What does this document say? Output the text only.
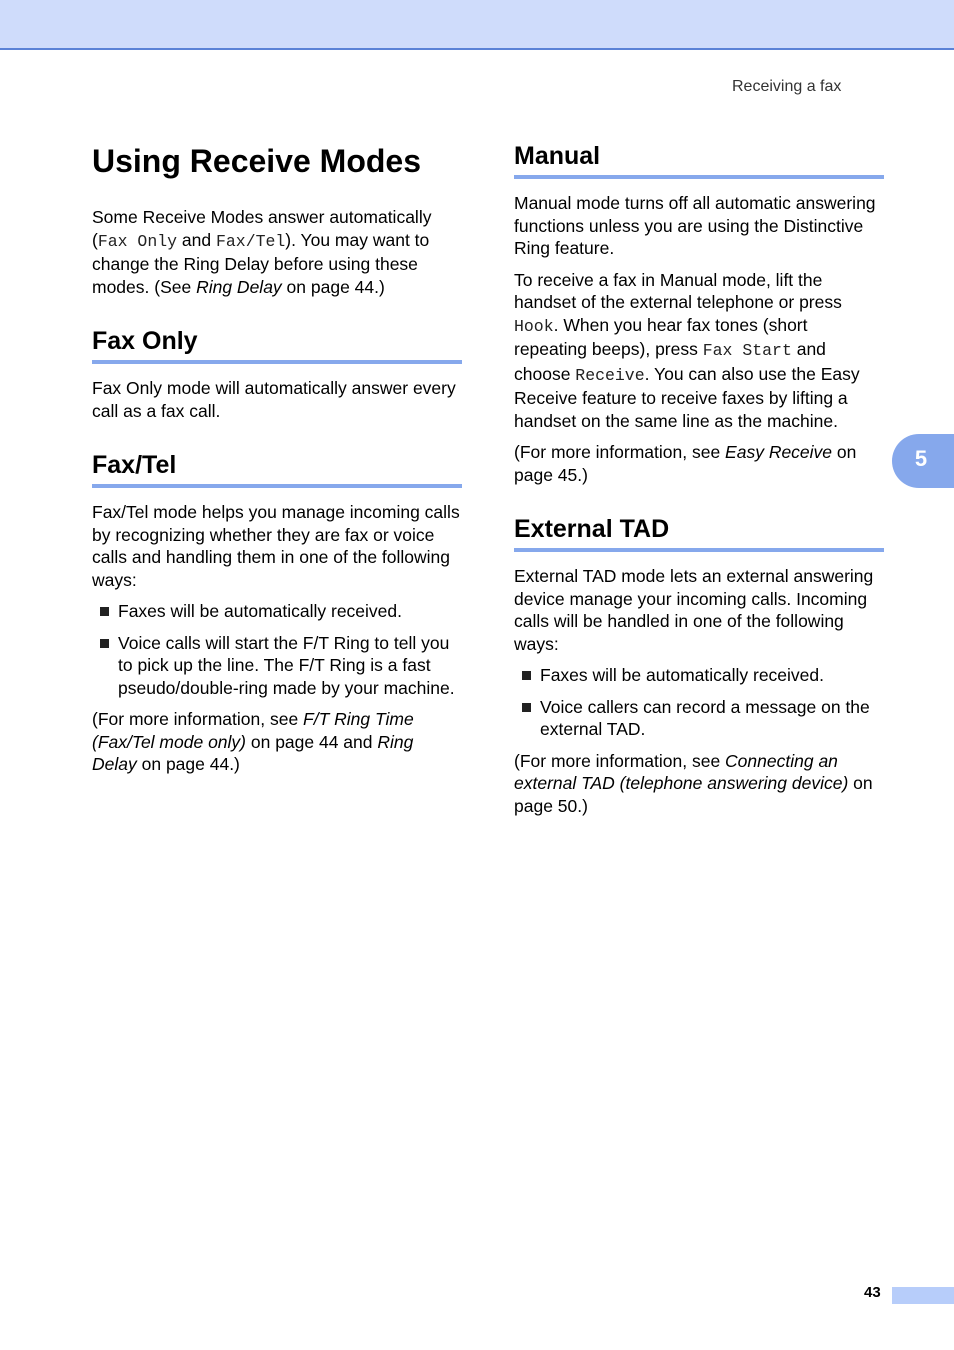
Receiving a fax
Using Receive Modes

Some Receive Modes answer automatically (Fax Only and Fax/Tel). You may want to change the Ring Delay before using these modes. (See Ring Delay on page 44.)

Fax Only

Fax Only mode will automatically answer every call as a fax call.

Fax/Tel

Fax/Tel mode helps you manage incoming calls by recognizing whether they are fax or voice calls and handling them in one of the following ways:

Faxes will be automatically received.
Voice calls will start the F/T Ring to tell you to pick up the line. The F/T Ring is a fast pseudo/double-ring made by your machine.

(For more information, see F/T Ring Time (Fax/Tel mode only) on page 44 and Ring Delay on page 44.)

Manual

Manual mode turns off all automatic answering functions unless you are using the Distinctive Ring feature.

To receive a fax in Manual mode, lift the handset of the external telephone or press Hook. When you hear fax tones (short repeating beeps), press Fax Start and choose Receive. You can also use the Easy Receive feature to receive faxes by lifting a handset on the same line as the machine.

(For more information, see Easy Receive on page 45.)

External TAD

External TAD mode lets an external answering device manage your incoming calls. Incoming calls will be handled in one of the following ways:

Faxes will be automatically received.
Voice callers can record a message on the external TAD.

(For more information, see Connecting an external TAD (telephone answering device) on page 50.)

5
43
